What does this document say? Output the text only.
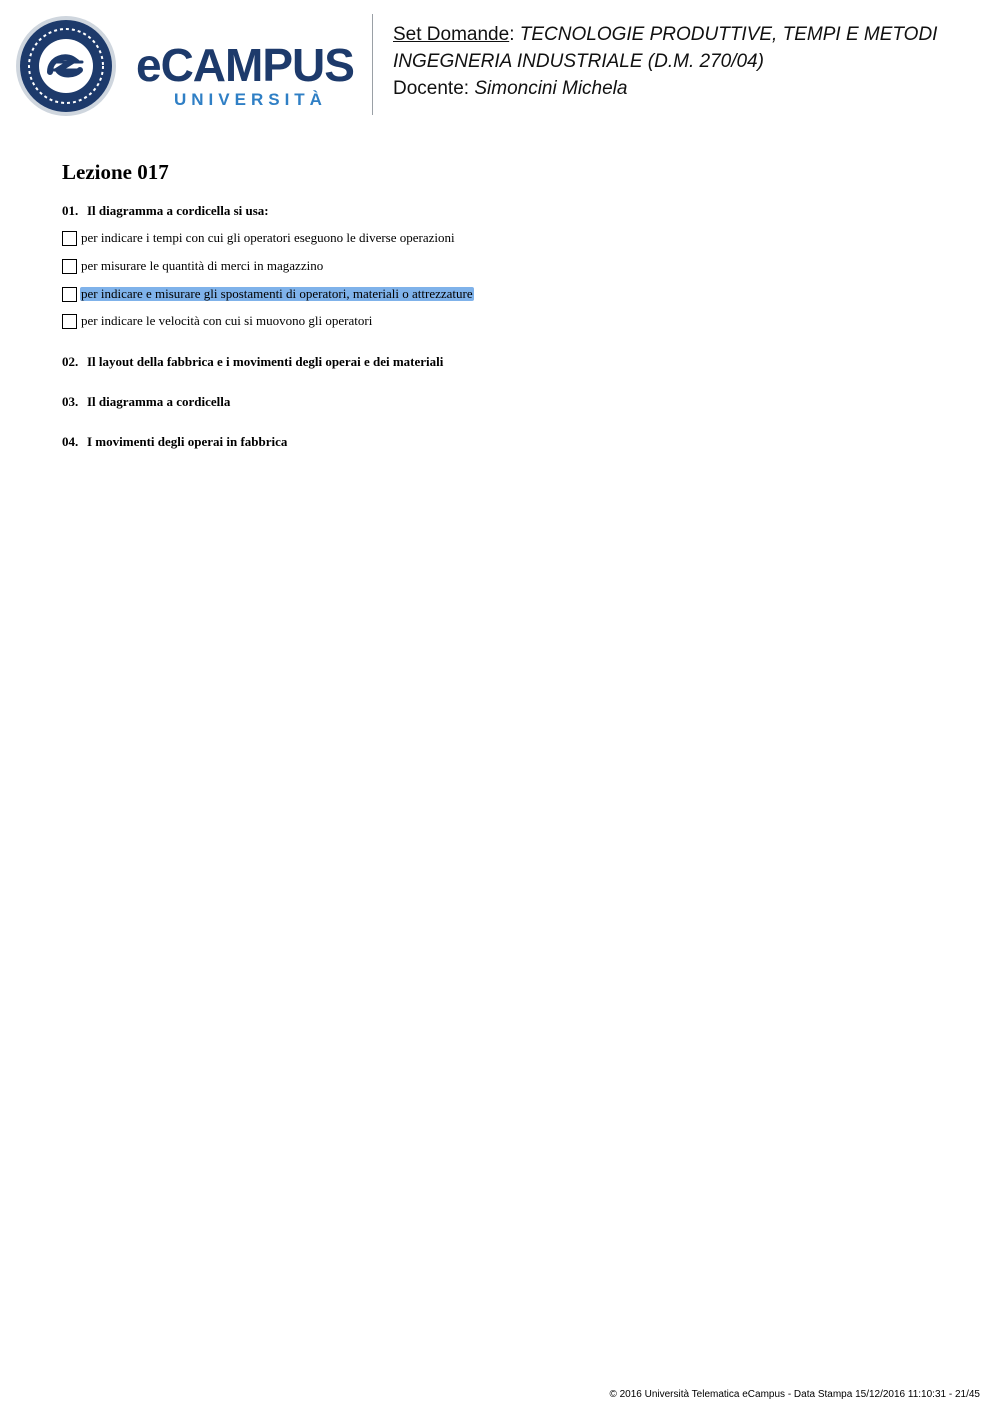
eCAMPUS
UNIVERSITÀ
Set Domande: TECNOLOGIE PRODUTTIVE, TEMPI E METODI INGEGNERIA INDUSTRIALE (D.M. 270/04)
Docente: Simoncini Michela
Lezione 017
01. Il diagramma a cordicella si usa:
per indicare i tempi con cui gli operatori eseguono le diverse operazioni
per misurare le quantità di merci in magazzino
per indicare e misurare gli spostamenti di operatori, materiali o attrezzature
per indicare le velocità con cui si muovono gli operatori
02. Il layout della fabbrica e i movimenti degli operai e dei materiali
03. Il diagramma a cordicella
04. I movimenti degli operai in fabbrica
© 2016 Università Telematica eCampus - Data Stampa 15/12/2016 11:10:31 - 21/45
